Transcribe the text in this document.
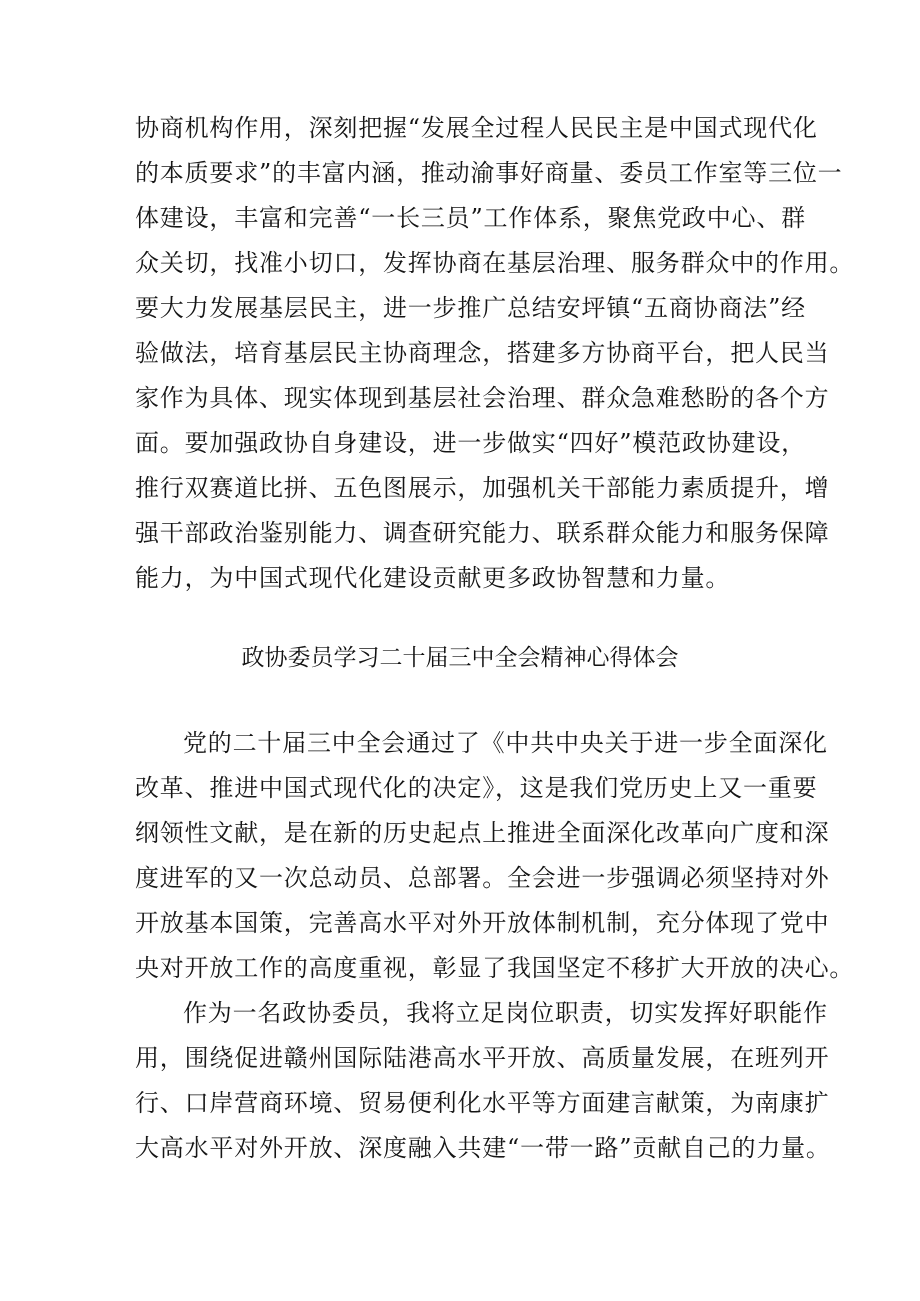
协商机构作用，深刻把握“发展全过程人民民主是中国式现代化
的本质要求”的丰富内涵，推动渝事好商量、委员工作室等三位一
体建设，丰富和完善“一长三员”工作体系，聚焦党政中心、群
众关切，找准小切口，发挥协商在基层治理、服务群众中的作用。
要大力发展基层民主，进一步推广总结安坪镇“五商协商法”经
验做法，培育基层民主协商理念，搭建多方协商平台，把人民当
家作为具体、现实体现到基层社会治理、群众急难愁盼的各个方
面。要加强政协自身建设，进一步做实“四好”模范政协建设，
推行双赛道比拼、五色图展示，加强机关干部能力素质提升，增
强干部政治鉴别能力、调查研究能力、联系群众能力和服务保障
能力，为中国式现代化建设贡献更多政协智慧和力量。
政协委员学习二十届三中全会精神心得体会
党的二十届三中全会通过了《中共中央关于进一步全面深化
改革、推进中国式现代化的决定》，这是我们党历史上又一重要
纲领性文献，是在新的历史起点上推进全面深化改革向广度和深
度进军的又一次总动员、总部署。全会进一步强调必须坚持对外
开放基本国策，完善高水平对外开放体制机制，充分体现了党中
央对开放工作的高度重视，彰显了我国坚定不移扩大开放的决心。
作为一名政协委员，我将立足岗位职责，切实发挥好职能作
用，围绕促进赣州国际陆港高水平开放、高质量发展，在班列开
行、口岸营商环境、贸易便利化水平等方面建言献策，为南康扩
大高水平对外开放、深度融入共建“一带一路”贡献自己的力量。
